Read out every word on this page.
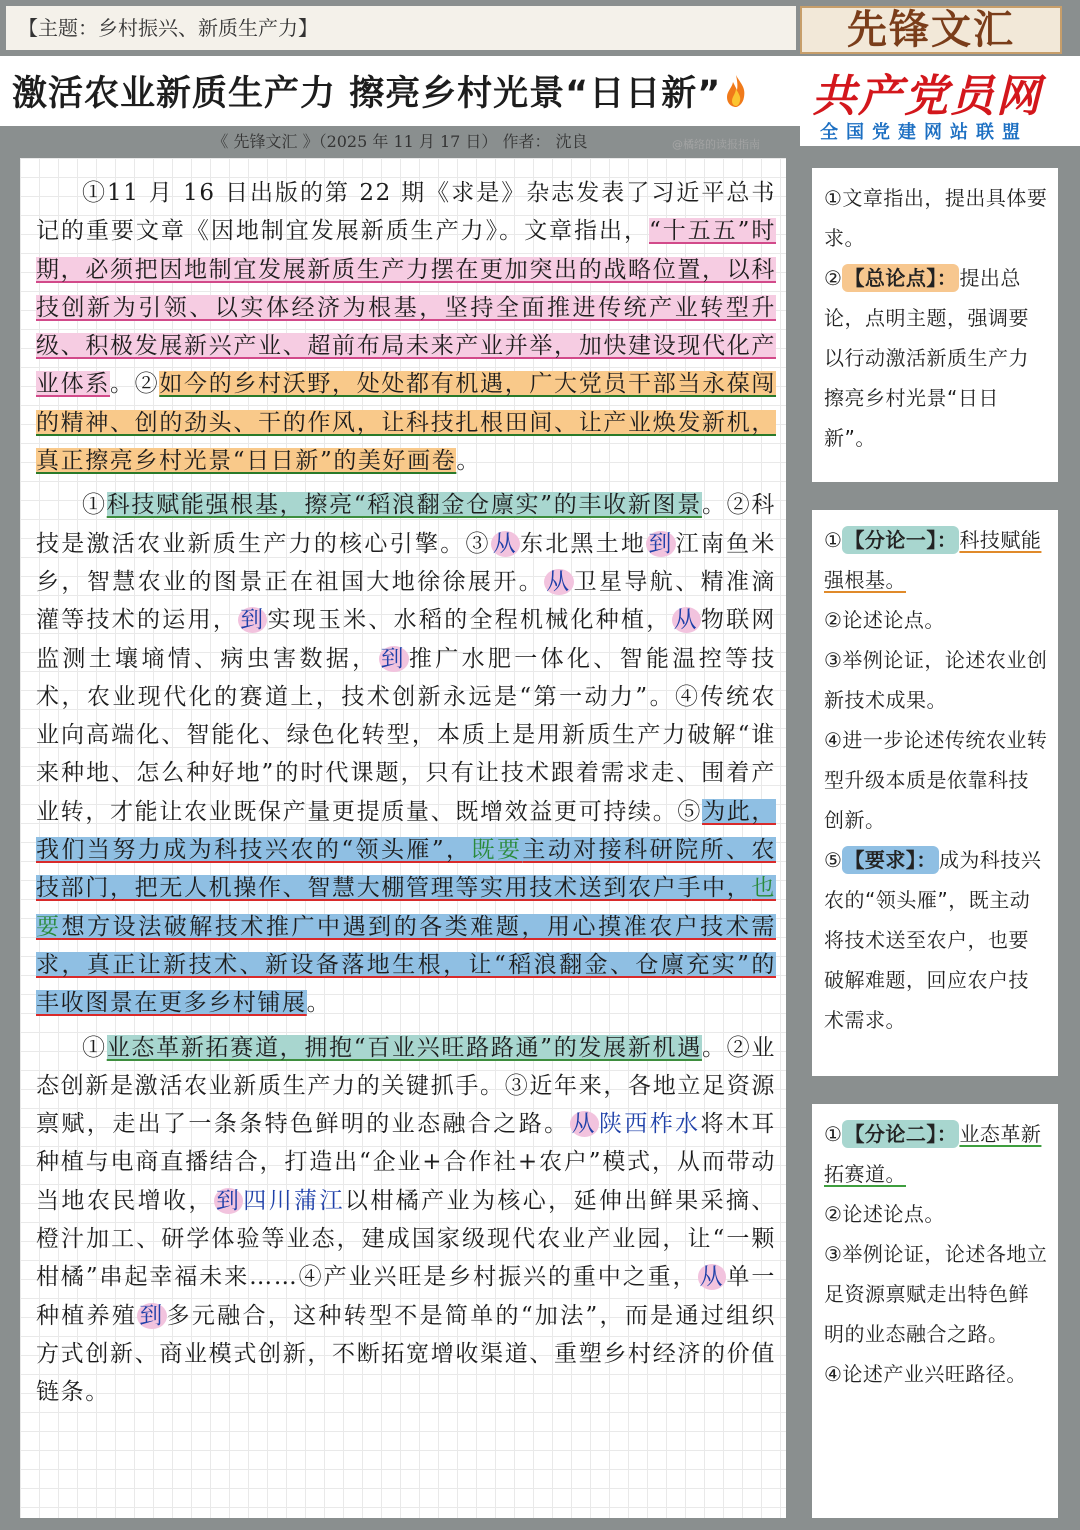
【主题：乡村振兴、新质生产力】
激活农业新质生产力 擦亮乡村光景“日日新”
先锋文汇
共产党员网
全国党建网站联盟
《 先锋文汇 》（2025 年 11 月 17 日） 作者： 沈良	@橘络的读报指南

①11 月 16 日出版的第 22 期《求是》杂志发表了习近平总书记的重要文章《因地制宜发展新质生产力》。文章指出，“十五五”时期，必须把因地制宜发展新质生产力摆在更加突出的战略位置，以科技创新为引领、以实体经济为根基，坚持全面推进传统产业转型升级、积极发展新兴产业、超前布局未来产业并举，加快建设现代化产业体系。②如今的乡村沃野，处处都有机遇，广大党员干部当永葆闯的精神、创的劲头、干的作风，让科技扎根田间、让产业焕发新机，真正擦亮乡村光景“日日新”的美好画卷。

①科技赋能强根基，擦亮“稻浪翻金仓廪实”的丰收新图景。②科技是激活农业新质生产力的核心引擎。③从东北黑土地到江南鱼米乡，智慧农业的图景正在祖国大地徐徐展开。从卫星导航、精准滴灌等技术的运用，到实现玉米、水稻的全程机械化种植，从物联网监测土壤墒情、病虫害数据，到推广水肥一体化、智能温控等技术，农业现代化的赛道上，技术创新永远是“第一动力”。④传统农业向高端化、智能化、绿色化转型，本质上是用新质生产力破解“谁来种地、怎么种好地”的时代课题，只有让技术跟着需求走、围着产业转，才能让农业既保产量更提质量、既增效益更可持续。⑤为此，我们当努力成为科技兴农的“领头雁”，既要主动对接科研院所、农技部门，把无人机操作、智慧大棚管理等实用技术送到农户手中，也要想方设法破解技术推广中遇到的各类难题，用心摸准农户技术需求，真正让新技术、新设备落地生根，让“稻浪翻金、仓廪充实”的丰收图景在更多乡村铺展。

①业态革新拓赛道，拥抱“百业兴旺路路通”的发展新机遇。②业态创新是激活农业新质生产力的关键抓手。③近年来，各地立足资源禀赋，走出了一条条特色鲜明的业态融合之路。从陕西柞水将木耳种植与电商直播结合，打造出“企业+合作社+农户”模式，从而带动当地农民增收，到四川蒲江以柑橘产业为核心，延伸出鲜果采摘、橙汁加工、研学体验等业态，建成国家级现代农业产业园，让“一颗柑橘”串起幸福未来……④产业兴旺是乡村振兴的重中之重，从单一种植养殖到多元融合，这种转型不是简单的“加法”，而是通过组织方式创新、商业模式创新，不断拓宽增收渠道、重塑乡村经济的价值链条。

①文章指出，提出具体要求。

② 【总论点】： 提出总论，点明主题，强调要以行动激活新质生产力擦亮乡村光景“日日新”。

① 【分论一】： 科技赋能强根基。

②论述论点。

③举例论证，论述农业创新技术成果。

④进一步论述传统农业转型升级本质是依靠科技创新。

⑤ 【要求】： 成为科技兴农的“领头雁”，既主动将技术送至农户，也要破解难题，回应农户技术需求。

① 【分论二】： 业态革新拓赛道。

②论述论点。

③举例论证，论述各地立足资源禀赋走出特色鲜明的业态融合之路。

④论述产业兴旺路径。
